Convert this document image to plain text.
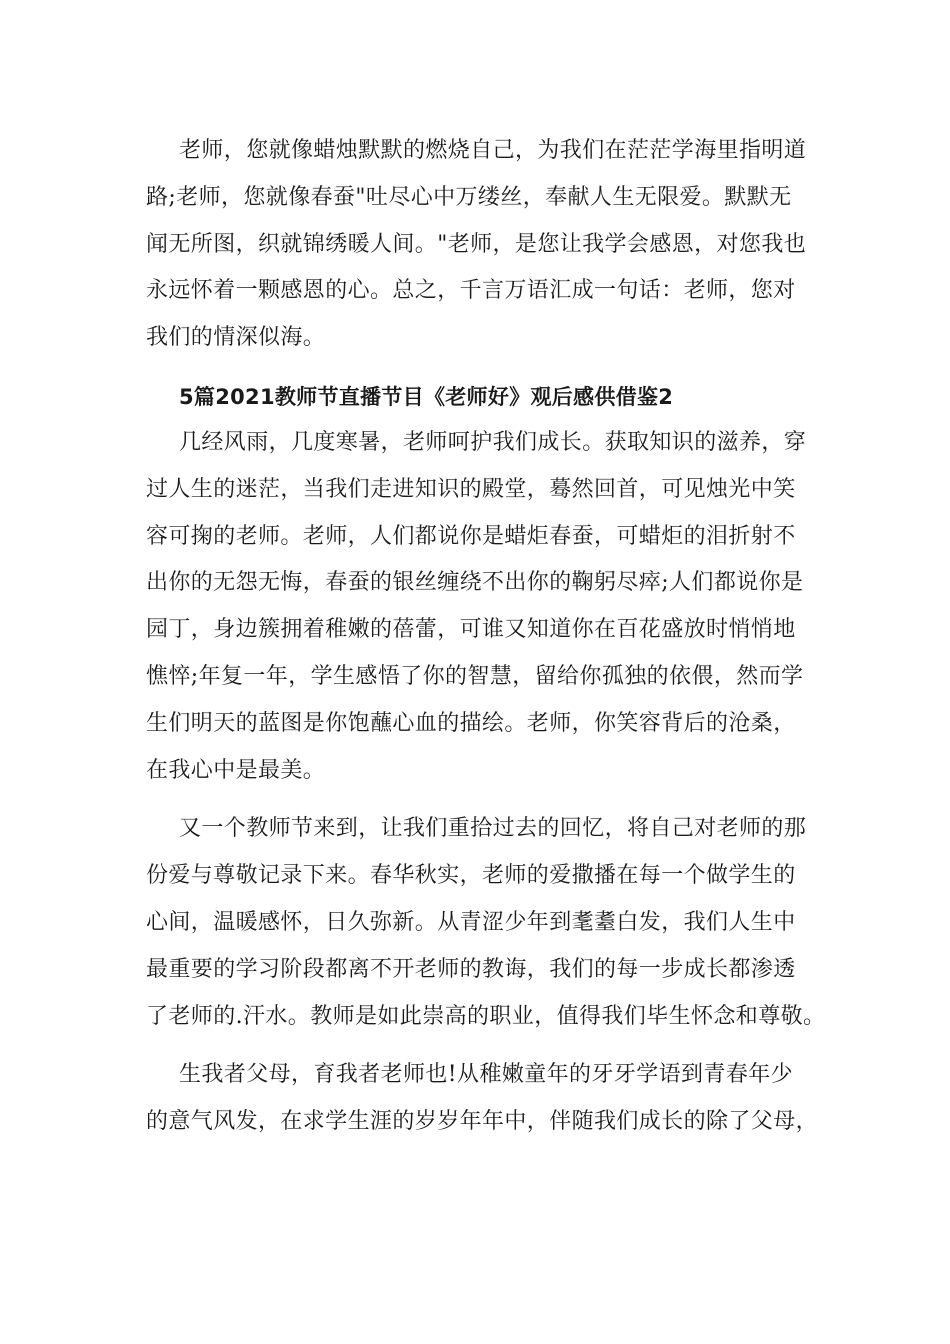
老师，您就像蜡烛默默的燃烧自己，为我们在茫茫学海里指明道
路;老师，您就像春蚕"吐尽心中万缕丝，奉献人生无限爱。默默无
闻无所图，织就锦绣暖人间。"老师，是您让我学会感恩，对您我也
永远怀着一颗感恩的心。总之，千言万语汇成一句话：老师，您对
我们的情深似海。

5篇2021教师节直播节目《老师好》观后感供借鉴2

几经风雨，几度寒暑，老师呵护我们成长。获取知识的滋养，穿
过人生的迷茫，当我们走进知识的殿堂，蓦然回首，可见烛光中笑
容可掬的老师。老师，人们都说你是蜡炬春蚕，可蜡炬的泪折射不
出你的无怨无悔，春蚕的银丝缠绕不出你的鞠躬尽瘁;人们都说你是
园丁，身边簇拥着稚嫩的蓓蕾，可谁又知道你在百花盛放时悄悄地
憔悴;年复一年，学生感悟了你的智慧，留给你孤独的依偎，然而学
生们明天的蓝图是你饱蘸心血的描绘。老师，你笑容背后的沧桑，
在我心中是最美。

又一个教师节来到，让我们重拾过去的回忆，将自己对老师的那
份爱与尊敬记录下来。春华秋实，老师的爱撒播在每一个做学生的
心间，温暖感怀，日久弥新。从青涩少年到耄耋白发，我们人生中
最重要的学习阶段都离不开老师的教诲，我们的每一步成长都渗透
了老师的.汗水。教师是如此崇高的职业，值得我们毕生怀念和尊敬。

生我者父母，育我者老师也!从稚嫩童年的牙牙学语到青春年少
的意气风发，在求学生涯的岁岁年年中，伴随我们成长的除了父母，
